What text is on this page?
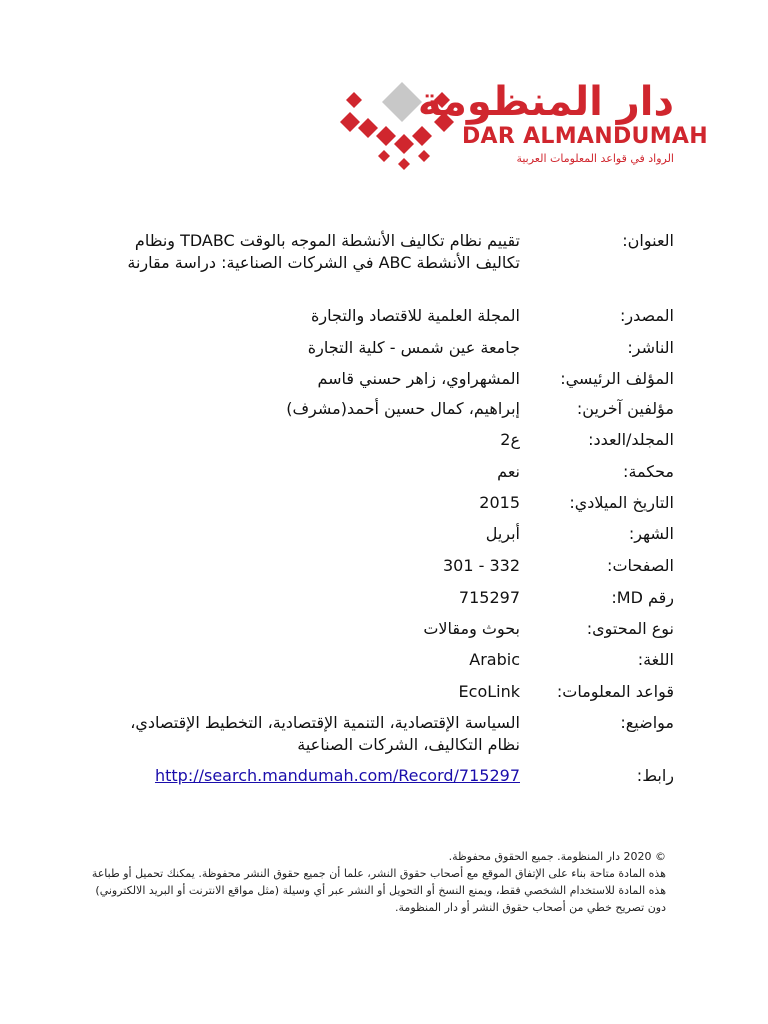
دار المنظومة
DAR ALMANDUMAH
الرواد في قواعد المعلومات العربية
العنوان:
تقييم نظام تكاليف الأنشطة الموجه بالوقت TDABC ونظام تكاليف الأنشطة ABC في الشركات الصناعية: دراسة مقارنة
المصدر:
المجلة العلمية للاقتصاد والتجارة
الناشر:
جامعة عين شمس - كلية التجارة
المؤلف الرئيسي:
المشهراوي، زاهر حسني قاسم
مؤلفين آخرين:
إبراهيم، كمال حسين أحمد(مشرف)
المجلد/العدد:
ع2
محكمة:
نعم
التاريخ الميلادي:
2015
الشهر:
أبريل
الصفحات:
301 - 332
رقم MD:
715297
نوع المحتوى:
بحوث ومقالات
اللغة:
Arabic
قواعد المعلومات:
EcoLink
مواضيع:
السياسة الإقتصادية، التنمية الإقتصادية، التخطيط الإقتصادي، نظام التكاليف، الشركات الصناعية
رابط:
http://search.mandumah.com/Record/715297

© 2020 دار المنظومة. جميع الحقوق محفوظة.

هذه المادة متاحة بناء على الإتفاق الموقع مع أصحاب حقوق النشر، علما أن جميع حقوق النشر محفوظة. يمكنك تحميل أو طباعة هذه المادة للاستخدام الشخصي فقط، ويمنع النسخ أو التحويل أو النشر عبر أي وسيلة (مثل مواقع الانترنت أو البريد الالكتروني) دون تصريح خطي من أصحاب حقوق النشر أو دار المنظومة.
